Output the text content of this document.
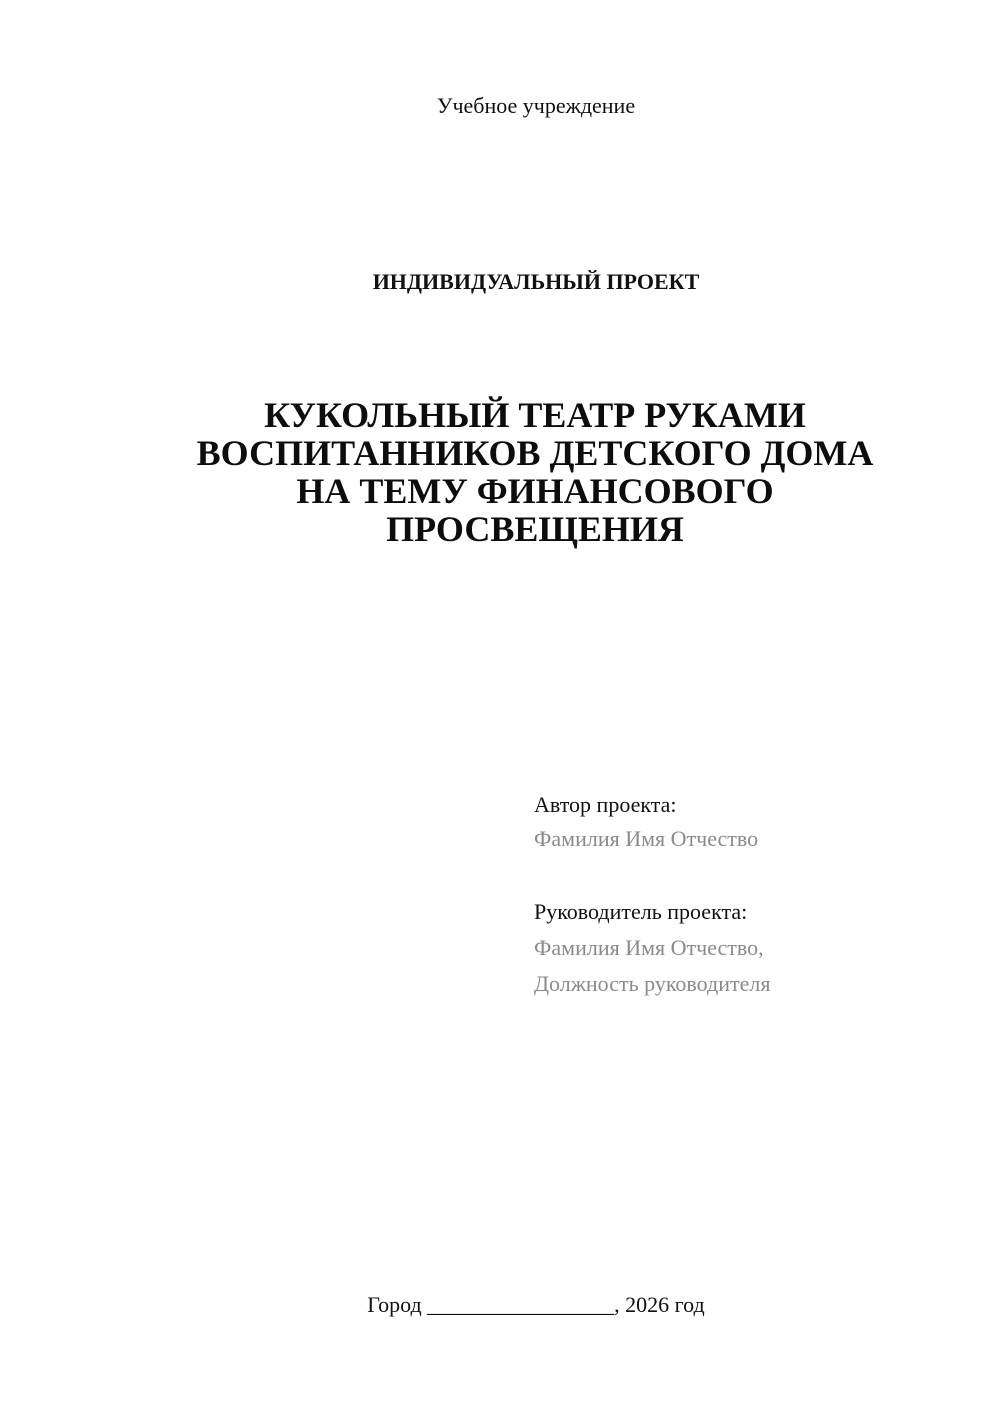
Учебное учреждение
ИНДИВИДУАЛЬНЫЙ ПРОЕКТ
КУКОЛЬНЫЙ ТЕАТР РУКАМИ
ВОСПИТАННИКОВ ДЕТСКОГО ДОМА
НА ТЕМУ ФИНАНСОВОГО
ПРОСВЕЩЕНИЯ
Автор проекта:
Фамилия Имя Отчество
Руководитель проекта:
Фамилия Имя Отчество,
Должность руководителя
Город _________________, 2026 год
